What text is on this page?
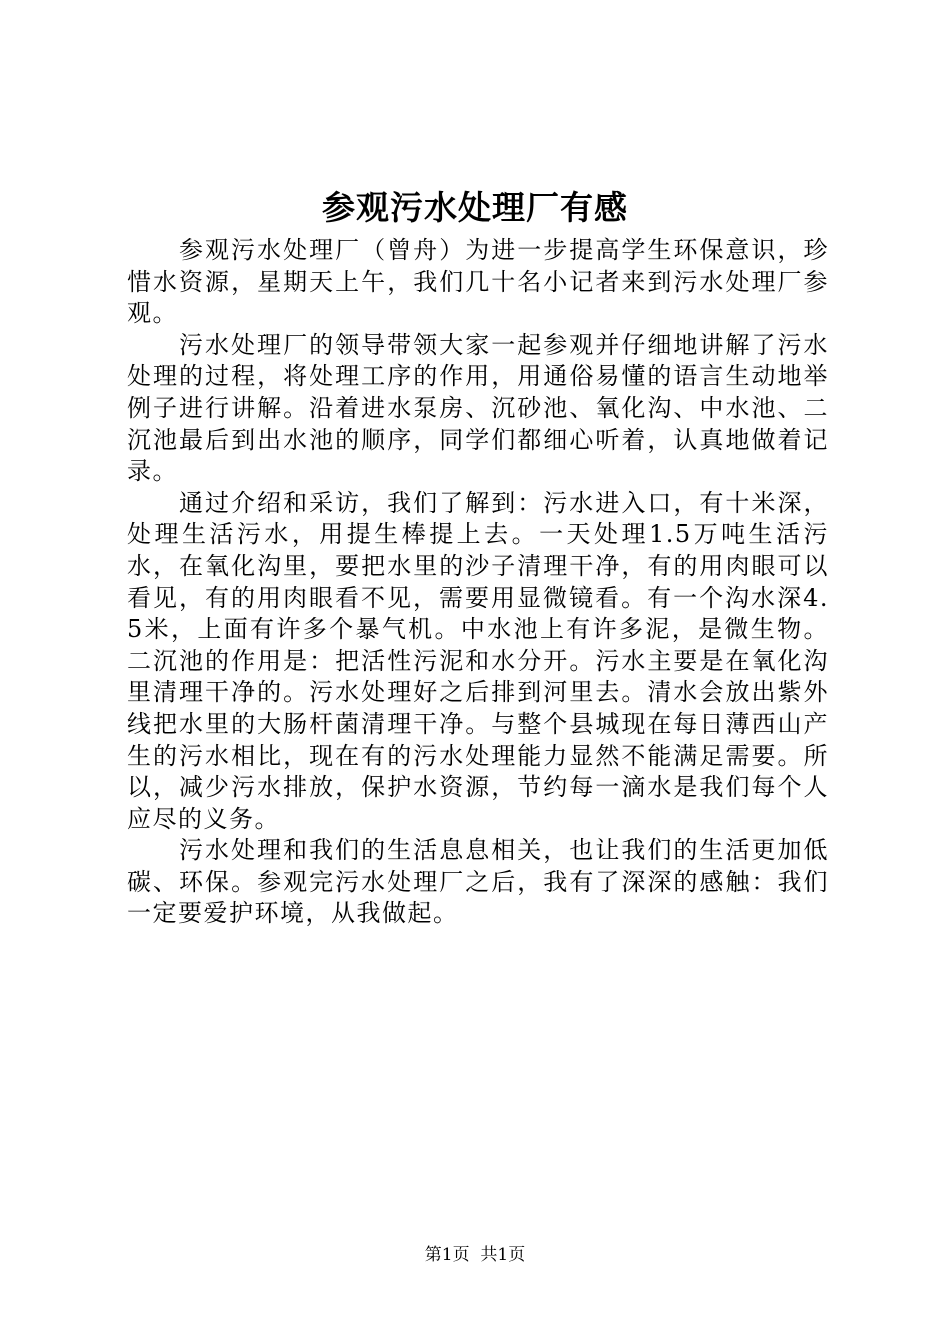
参观污水处理厂有感

参观污水处理厂（曾舟）为进一步提高学生环保意识，珍惜水资源，星期天上午，我们几十名小记者来到污水处理厂参观。

污水处理厂的领导带领大家一起参观并仔细地讲解了污水处理的过程，将处理工序的作用，用通俗易懂的语言生动地举例子进行讲解。沿着进水泵房、沉砂池、氧化沟、中水池、二沉池最后到出水池的顺序，同学们都细心听着，认真地做着记录。

通过介绍和采访，我们了解到：污水进入口，有十米深，处理生活污水，用提生棒提上去。一天处理1.5万吨生活污水，在氧化沟里，要把水里的沙子清理干净，有的用肉眼可以看见，有的用肉眼看不见，需要用显微镜看。有一个沟水深4.5米，上面有许多个暴气机。中水池上有许多泥，是微生物。二沉池的作用是：把活性污泥和水分开。污水主要是在氧化沟里清理干净的。污水处理好之后排到河里去。清水会放出紫外线把水里的大肠杆菌清理干净。与整个县城现在每日薄西山产生的污水相比，现在有的污水处理能力显然不能满足需要。所以，减少污水排放，保护水资源，节约每一滴水是我们每个人应尽的义务。

污水处理和我们的生活息息相关，也让我们的生活更加低碳、环保。参观完污水处理厂之后，我有了深深的感触：我们一定要爱护环境，从我做起。

第1页  共1页
